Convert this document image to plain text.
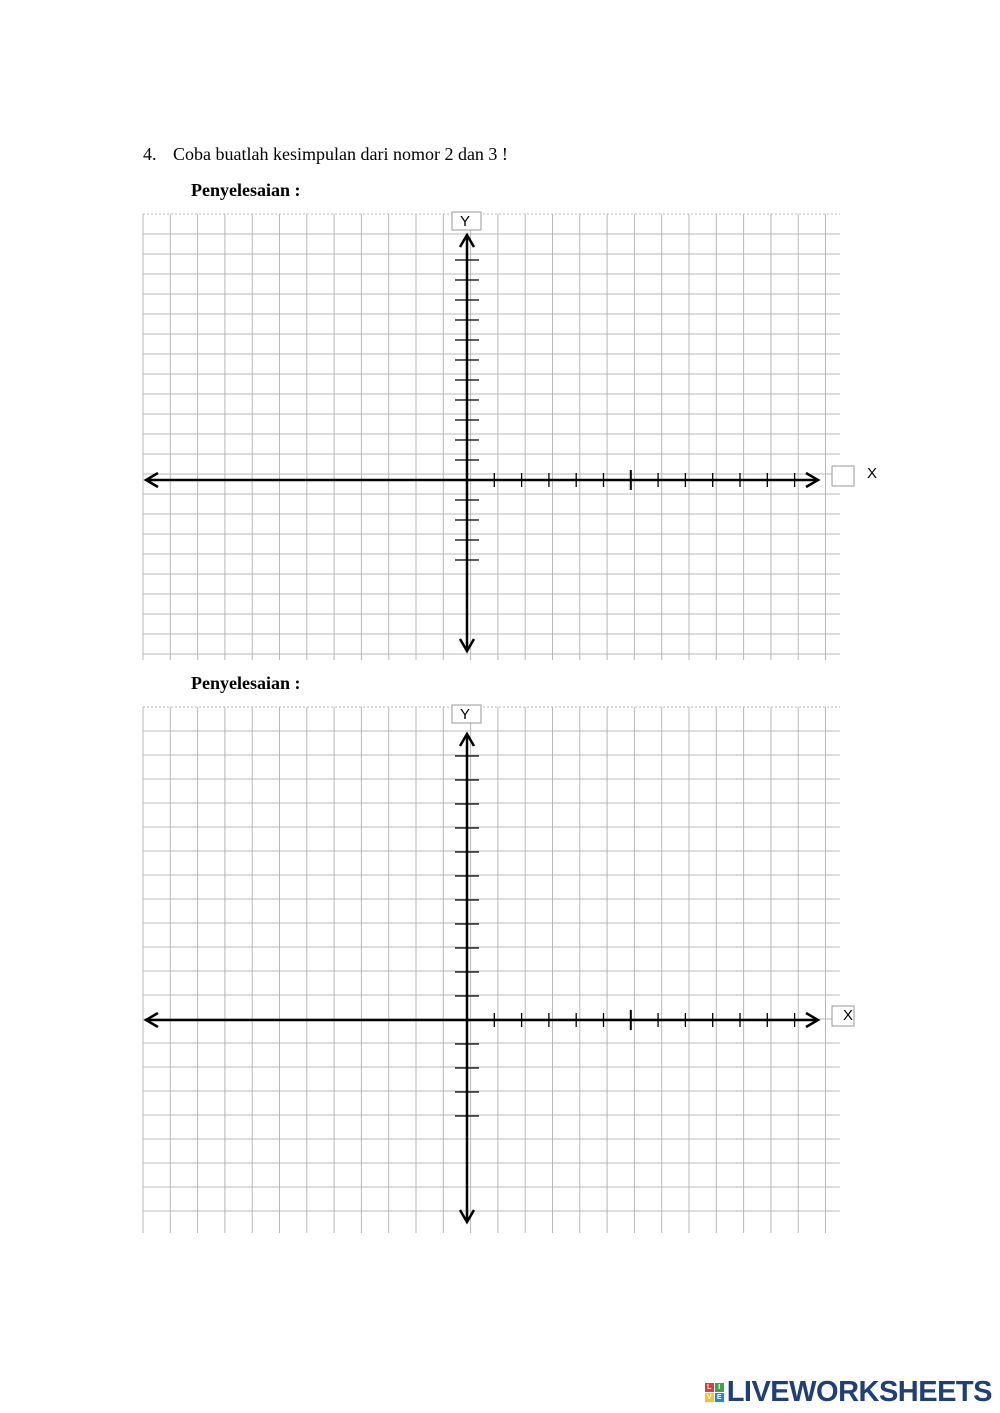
4. Coba buatlah kesimpulan dari nomor 2 dan 3 !
Penyelesaian :
X
Y
Penyelesaian :
X
Y
L I
V E LIVEWORKSHEETS
